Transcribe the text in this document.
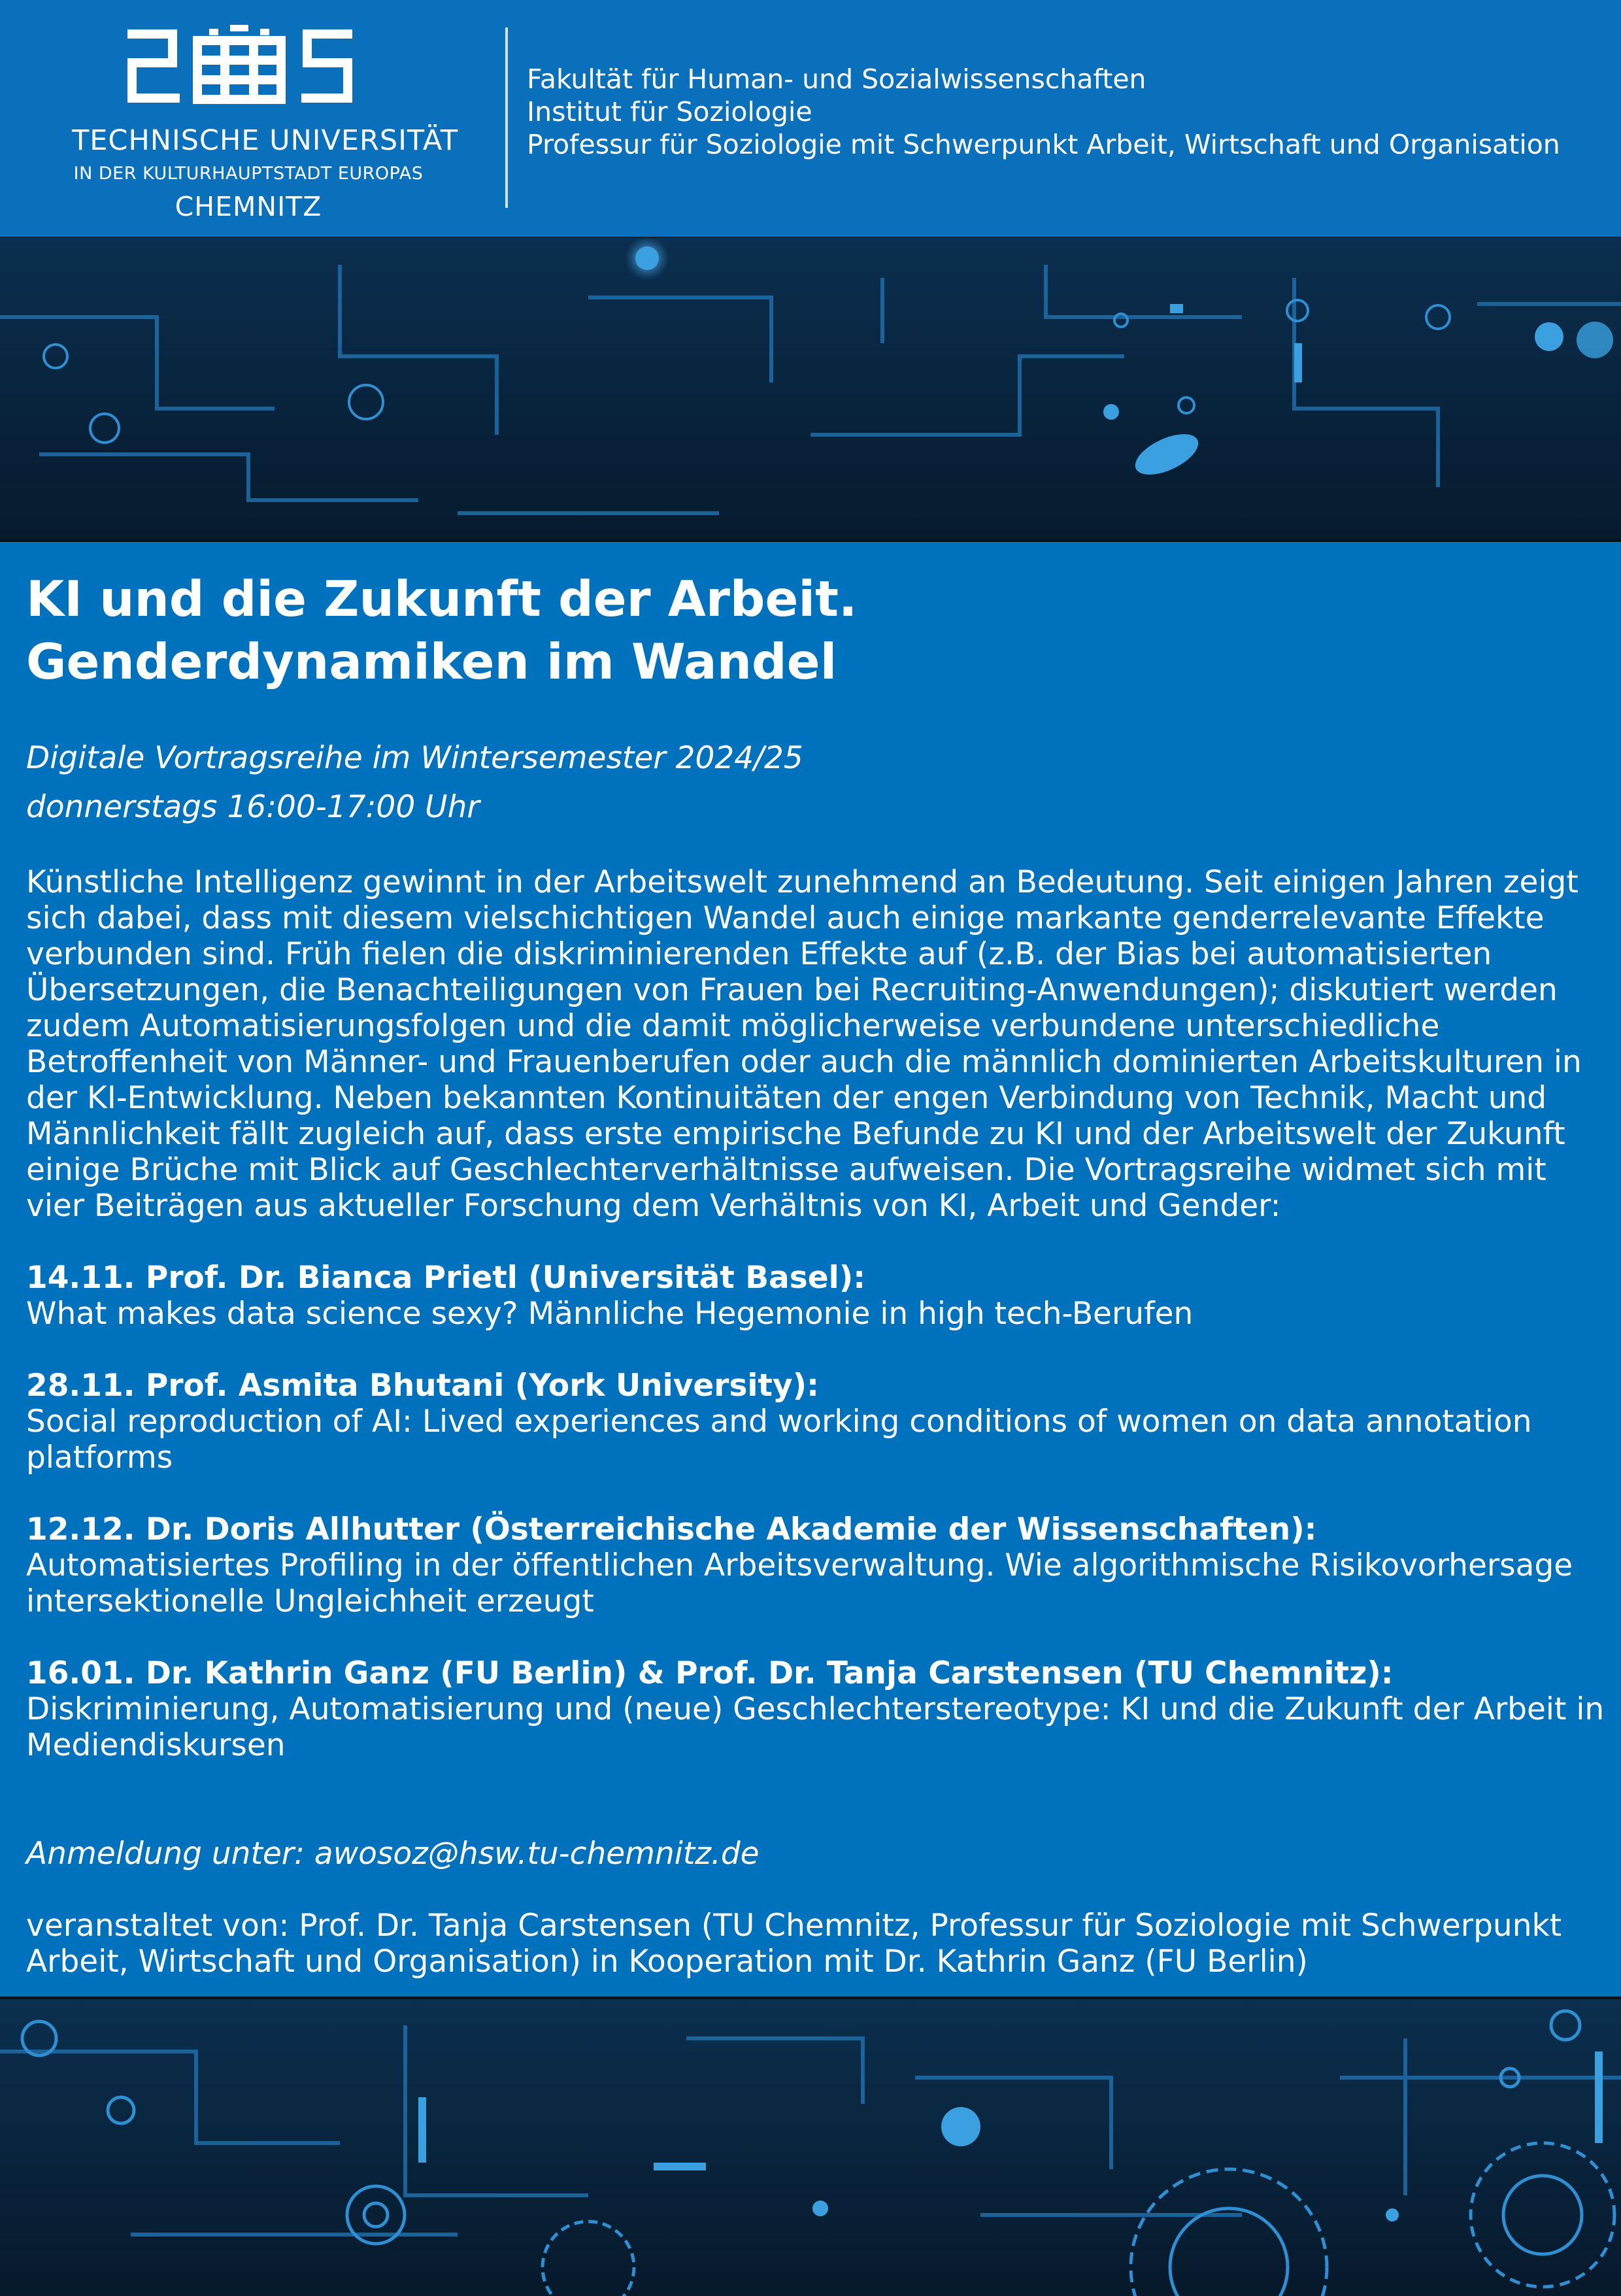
TECHNISCHE UNIVERSITÄT
IN DER KULTURHAUPTSTADT EUROPAS
CHEMNITZ
Fakultät für Human- und Sozialwissenschaften
Institut für Soziologie
Professur für Soziologie mit Schwerpunkt Arbeit, Wirtschaft und Organisation
KI und die Zukunft der Arbeit.
Genderdynamiken im Wandel
Digitale Vortragsreihe im Wintersemester 2024/25
donnerstags 16:00-17:00 Uhr

Künstliche Intelligenz gewinnt in der Arbeitswelt zunehmend an Bedeutung. Seit einigen Jahren zeigt sich dabei, dass mit diesem vielschichtigen Wandel auch einige markante genderrelevante Effekte verbunden sind. Früh fielen die diskriminierenden Effekte auf (z.B. der Bias bei automatisierten Übersetzungen, die Benachteiligungen von Frauen bei Recruiting-Anwendungen); diskutiert werden zudem Automatisierungsfolgen und die damit möglicherweise verbundene unterschiedliche Betroffenheit von Männer- und Frauenberufen oder auch die männlich dominierten Arbeitskulturen in der KI-Entwicklung. Neben bekannten Kontinuitäten der engen Verbindung von Technik, Macht und Männlichkeit fällt zugleich auf, dass erste empirische Befunde zu KI und der Arbeitswelt der Zukunft einige Brüche mit Blick auf Geschlechterverhältnisse aufweisen. Die Vortragsreihe widmet sich mit vier Beiträgen aus aktueller Forschung dem Verhältnis von KI, Arbeit und Gender:

14.11. Prof. Dr. Bianca Prietl (Universität Basel):
What makes data science sexy? Männliche Hegemonie in high tech-Berufen
28.11. Prof. Asmita Bhutani (York University):
Social reproduction of AI: Lived experiences and working conditions of women on data annotation platforms
12.12. Dr. Doris Allhutter (Österreichische Akademie der Wissenschaften):
Automatisiertes Profiling in der öffentlichen Arbeitsverwaltung. Wie algorithmische Risikovorhersage intersektionelle Ungleichheit erzeugt
16.01. Dr. Kathrin Ganz (FU Berlin) & Prof. Dr. Tanja Carstensen (TU Chemnitz):
Diskriminierung, Automatisierung und (neue) Geschlechterstereotype: KI und die Zukunft der Arbeit in Mediendiskursen
Anmeldung unter: awosoz@hsw.tu-chemnitz.de
veranstaltet von: Prof. Dr. Tanja Carstensen (TU Chemnitz, Professur für Soziologie mit Schwerpunkt Arbeit, Wirtschaft und Organisation) in Kooperation mit Dr. Kathrin Ganz (FU Berlin)
